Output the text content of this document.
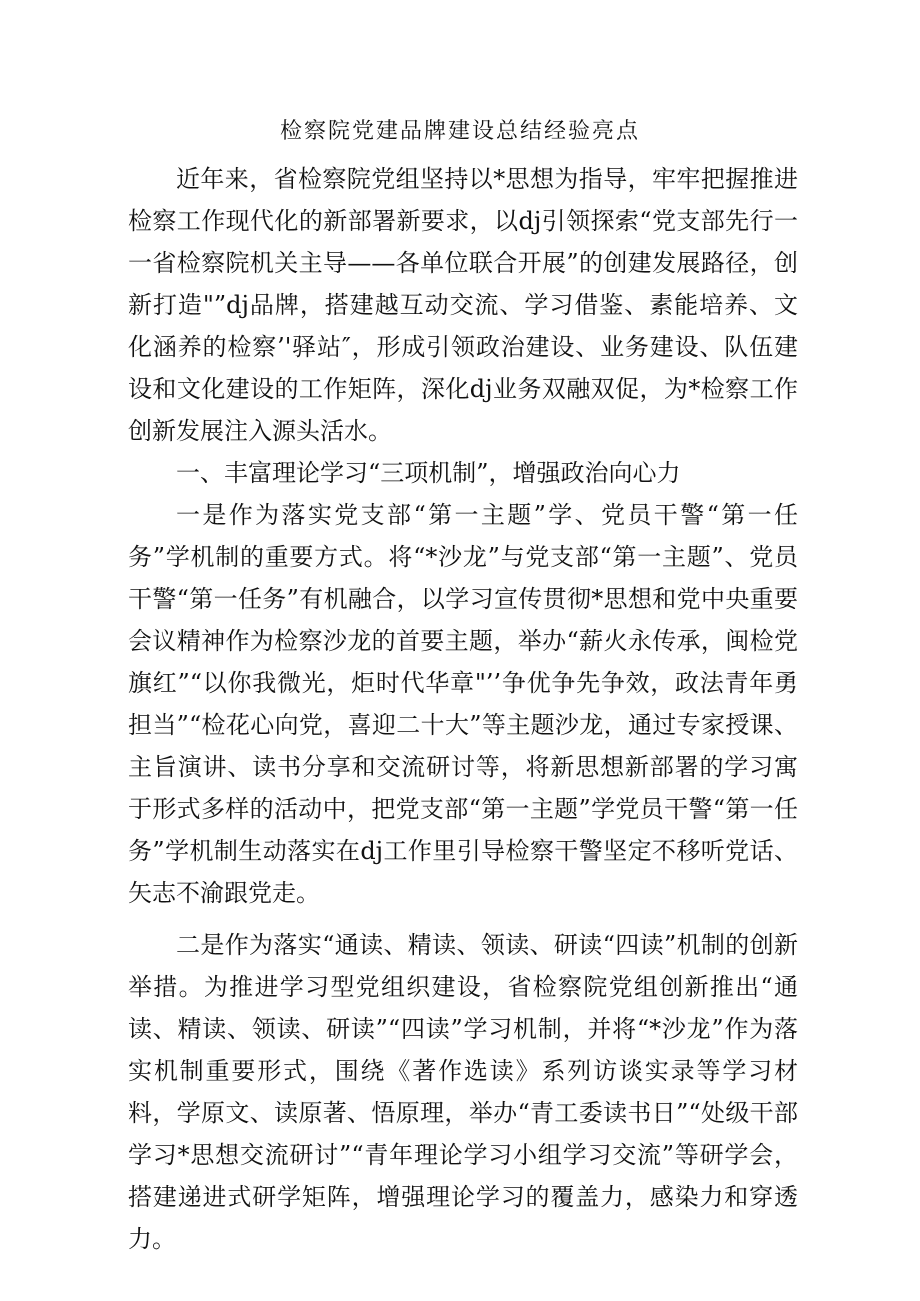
检察院党建品牌建设总结经验亮点

近年来，省检察院党组坚持以*思想为指导，牢牢把握推进检察工作现代化的新部署新要求，以dj引领探索“党支部先行一一省检察院机关主导——各单位联合开展”的创建发展路径，创新打造"”dj品牌，搭建越互动交流、学习借鉴、素能培养、文化涵养的检察’'驿站″，形成引领政治建设、业务建设、队伍建设和文化建设的工作矩阵，深化dj业务双融双促，为*检察工作创新发展注入源头活水。

一、丰富理论学习“三项机制”，增强政治向心力

一是作为落实党支部“第一主题”学、党员干警“第一任务”学机制的重要方式。将“*沙龙”与党支部“第一主题”、党员干警“第一任务”有机融合，以学习宣传贯彻*思想和党中央重要会议精神作为检察沙龙的首要主题，举办“薪火永传承，闽检党旗红”“以你我微光，炬时代华章"’’争优争先争效，政法青年勇担当”“检花心向党，喜迎二十大”等主题沙龙，通过专家授课、主旨演讲、读书分享和交流研讨等，将新思想新部署的学习寓于形式多样的活动中，把党支部“第一主题”学党员干警“第一任务”学机制生动落实在dj工作里引导检察干警坚定不移听党话、矢志不渝跟党走。

二是作为落实“通读、精读、领读、研读“四读”机制的创新举措。为推进学习型党组织建设，省检察院党组创新推出“通读、精读、领读、研读”“四读”学习机制，并将“*沙龙”作为落实机制重要形式，围绕《著作选读》系列访谈实录等学习材料，学原文、读原著、悟原理，举办“青工委读书日”“处级干部学习*思想交流研讨”“青年理论学习小组学习交流”等研学会，搭建递进式研学矩阵，增强理论学习的覆盖力，感染力和穿透力。
